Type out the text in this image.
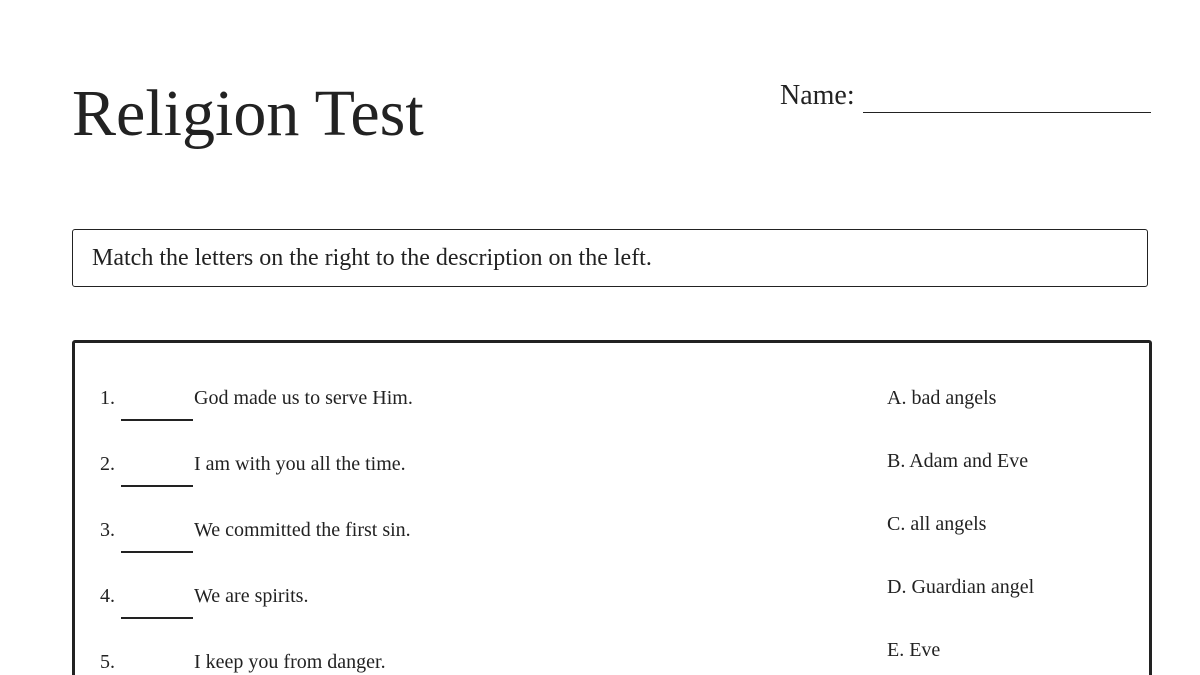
Religion Test	Name:
Match the letters on the right to the description on the left.
1.	God made us to serve Him.
2.	I am with you all the time.
3.	We committed the first sin.
4.	We are spirits.
5.	I keep you from danger.
A. bad angels
B. Adam and Eve
C. all angels
D. Guardian angel
E. Eve
